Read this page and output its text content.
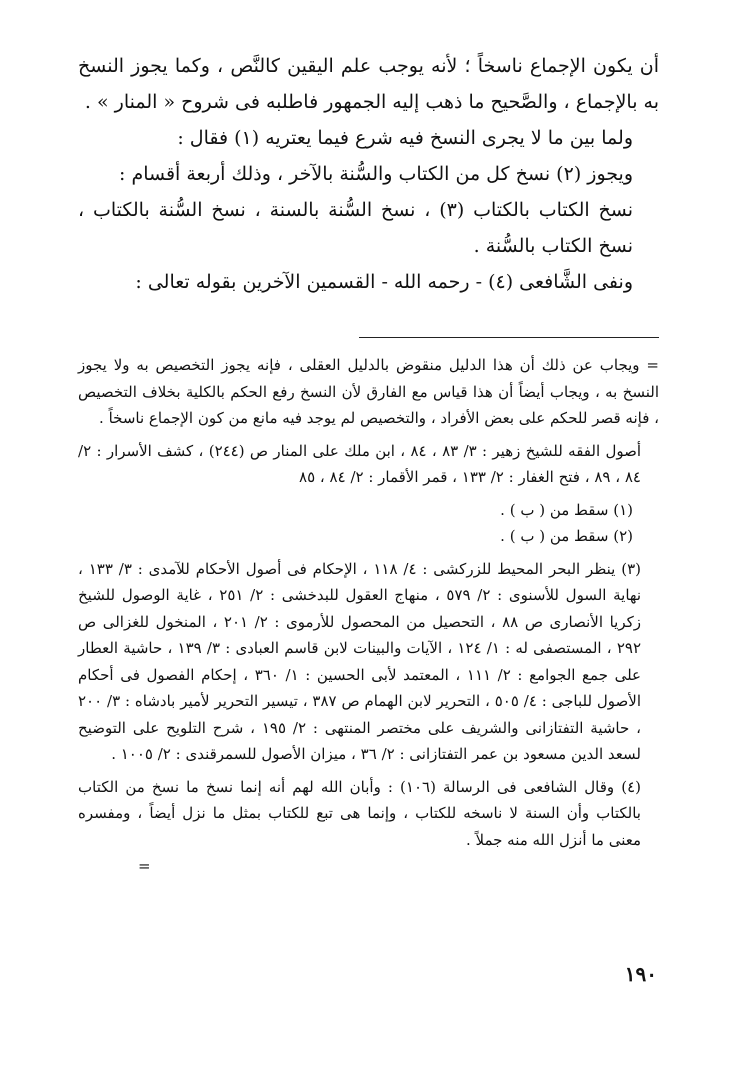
أن يكون الإجماع ناسخاً ؛ لأنه يوجب علم اليقين كالنَّص ، وكما يجوز النسخ به بالإجماع ، والصَّحيح ما ذهب إليه الجمهور فاطلبه فى شروح « المنار » .

ولما بين ما لا يجرى النسخ فيه شرع فيما يعتريه (١) فقال :

ويجوز (٢) نسخ كل من الكتاب والسُّنة بالآخر ، وذلك أربعة أقسام :

نسخ الكتاب بالكتاب (٣) ، نسخ السُّنة بالسنة ، نسخ السُّنة بالكتاب ، نسخ الكتاب بالسُّنة .

ونفى الشَّافعى (٤) - رحمه الله - القسمين الآخرين بقوله تعالى :

= ويجاب عن ذلك أن هذا الدليل منقوض بالدليل العقلى ، فإنه يجوز التخصيص به ولا يجوز النسخ به ، ويجاب أيضاً أن هذا قياس مع الفارق لأن النسخ رفع الحكم بالكلية بخلاف التخصيص ، فإنه قصر للحكم على بعض الأفراد ، والتخصيص لم يوجد فيه مانع من كون الإجماع ناسخاً .

أصول الفقه للشيخ زهير : ٣/ ٨٣ ، ٨٤ ، ابن ملك على المنار ص (٢٤٤) ، كشف الأسرار : ٢/ ٨٤ ، ٨٩ ، فتح الغفار : ٢/ ١٣٣ ، قمر الأقمار : ٢/ ٨٤ ، ٨٥

(١) سقط من ( ب ) .

(٢) سقط من ( ب ) .

(٣) ينظر البحر المحيط للزركشى : ٤/ ١١٨ ، الإحكام فى أصول الأحكام للآمدى : ٣/ ١٣٣ ، نهاية السول للأسنوى : ٢/ ٥٧٩ ، منهاج العقول للبدخشى : ٢/ ٢٥١ ، غاية الوصول للشيخ زكريا الأنصارى ص ٨٨ ، التحصيل من المحصول للأرموى : ٢/ ٢٠١ ، المنخول للغزالى ص ٢٩٢ ، المستصفى له : ١/ ١٢٤ ، الآيات والبينات لابن قاسم العبادى : ٣/ ١٣٩ ، حاشية العطار على جمع الجوامع : ٢/ ١١١ ، المعتمد لأبى الحسين : ١/ ٣٦٠ ، إحكام الفصول فى أحكام الأصول للباجى : ٤/ ٥٠٥ ، التحرير لابن الهمام ص ٣٨٧ ، تيسير التحرير لأمير بادشاه : ٣/ ٢٠٠ ، حاشية التفتازانى والشريف على مختصر المنتهى : ٢/ ١٩٥ ، شرح التلويح على التوضيح لسعد الدين مسعود بن عمر التفتازانى : ٢/ ٣٦ ، ميزان الأصول للسمرقندى : ٢/ ١٠٠٥ .

(٤) وقال الشافعى فى الرسالة (١٠٦) : وأبان الله لهم أنه إنما نسخ ما نسخ من الكتاب بالكتاب وأن السنة لا ناسخه للكتاب ، وإنما هى تبع للكتاب بمثل ما نزل أيضاً ، ومفسره معنى ما أنزل الله منه جملاً .

=

١٩٠
